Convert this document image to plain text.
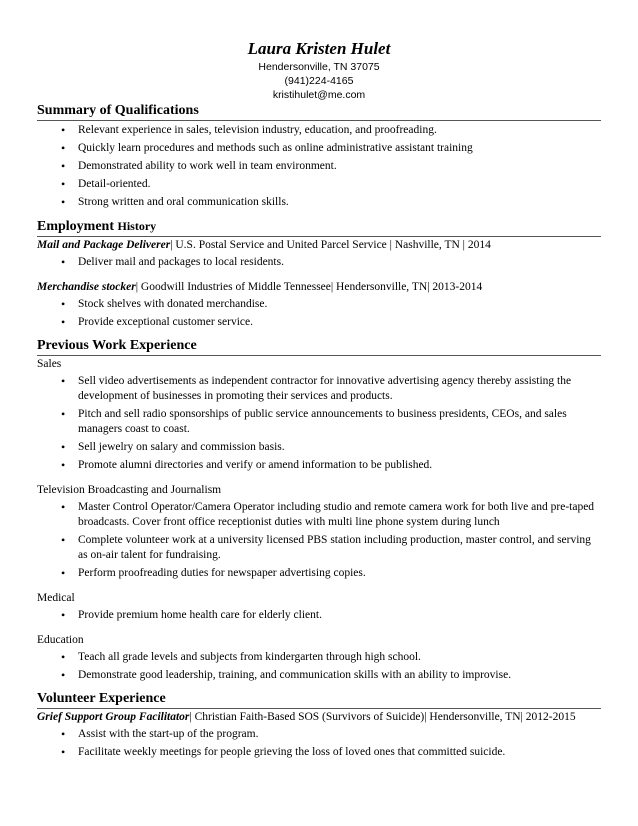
Laura Kristen Hulet
Hendersonville, TN 37075
(941)224-4165
kristihulet@me.com
Summary of Qualifications
• Relevant experience in sales, television industry, education, and proofreading.
• Quickly learn procedures and methods such as online administrative assistant training
• Demonstrated ability to work well in team environment.
• Detail-oriented.
• Strong written and oral communication skills.
Employment History
Mail and Package Deliverer| U.S. Postal Service and United Parcel Service | Nashville, TN | 2014
• Deliver mail and packages to local residents.
Merchandise stocker| Goodwill Industries of Middle Tennessee| Hendersonville, TN| 2013-2014
• Stock shelves with donated merchandise.
• Provide exceptional customer service.
Previous Work Experience
Sales
• Sell video advertisements as independent contractor for innovative advertising agency thereby assisting the development of businesses in promoting their services and products.
• Pitch and sell radio sponsorships of public service announcements to business presidents, CEOs, and sales managers coast to coast.
• Sell jewelry on salary and commission basis.
• Promote alumni directories and verify or amend information to be published.
Television Broadcasting and Journalism
• Master Control Operator/Camera Operator including studio and remote camera work for both live and pre-taped broadcasts. Cover front office receptionist duties with multi line phone system during lunch
• Complete volunteer work at a university licensed PBS station including production, master control, and serving as on-air talent for fundraising.
• Perform proofreading duties for newspaper advertising copies.
Medical
• Provide premium home health care for elderly client.
Education
• Teach all grade levels and subjects from kindergarten through high school.
• Demonstrate good leadership, training, and communication skills with an ability to improvise.
Volunteer Experience
Grief Support Group Facilitator| Christian Faith-Based SOS (Survivors of Suicide)| Hendersonville, TN| 2012-2015
• Assist with the start-up of the program.
• Facilitate weekly meetings for people grieving the loss of loved ones that committed suicide.
